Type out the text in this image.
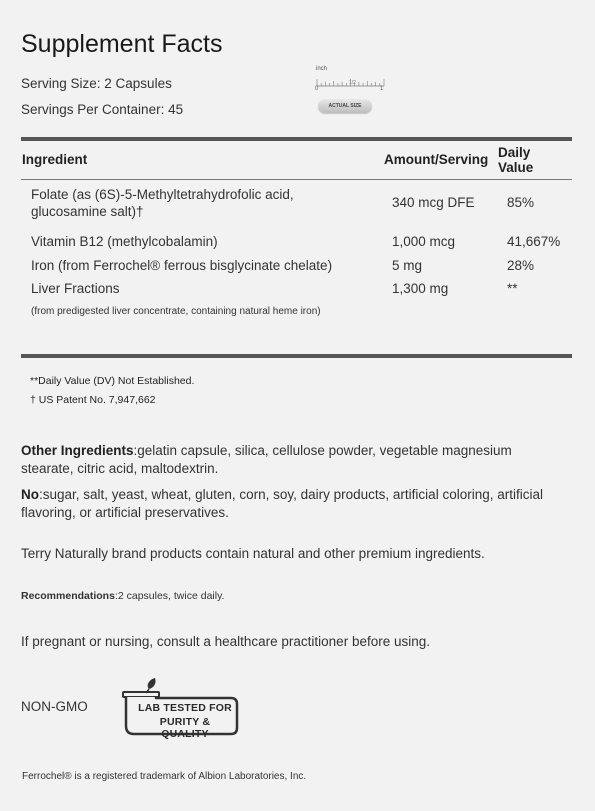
Supplement Facts
Serving Size: 2 Capsules
Servings Per Container: 45
inch
1/2
0	1
ACTUAL SIZE
Ingredient	Amount/Serving Daily
Value
Folate (as (6S)-5-Methyltetrahydrofolic acid,
glucosamine salt)†
340 mcg DFE 85%
Vitamin B12 (methylcobalamin)	1,000 mcg	41,667%
Iron (from Ferrochel® ferrous bisglycinate chelate)	5 mg	28%
Liver Fractions	1,300 mg	**
(from predigested liver concentrate, containing natural heme iron)
**Daily Value (DV) Not Established.
† US Patent No. 7,947,662
Other Ingredients:gelatin capsule, silica, cellulose powder, vegetable magnesium stearate, citric acid, maltodextrin.
No:sugar, salt, yeast, wheat, gluten, corn, soy, dairy products, artificial coloring, artificial flavoring, or artificial preservatives.
Terry Naturally brand products contain natural and other premium ingredients.
Recommendations:2 capsules, twice daily.
If pregnant or nursing, consult a healthcare practitioner before using.
NON-GMO	LAB TESTED FOR
PURITY & QUALITY
Ferrochel® is a registered trademark of Albion Laboratories, Inc.
